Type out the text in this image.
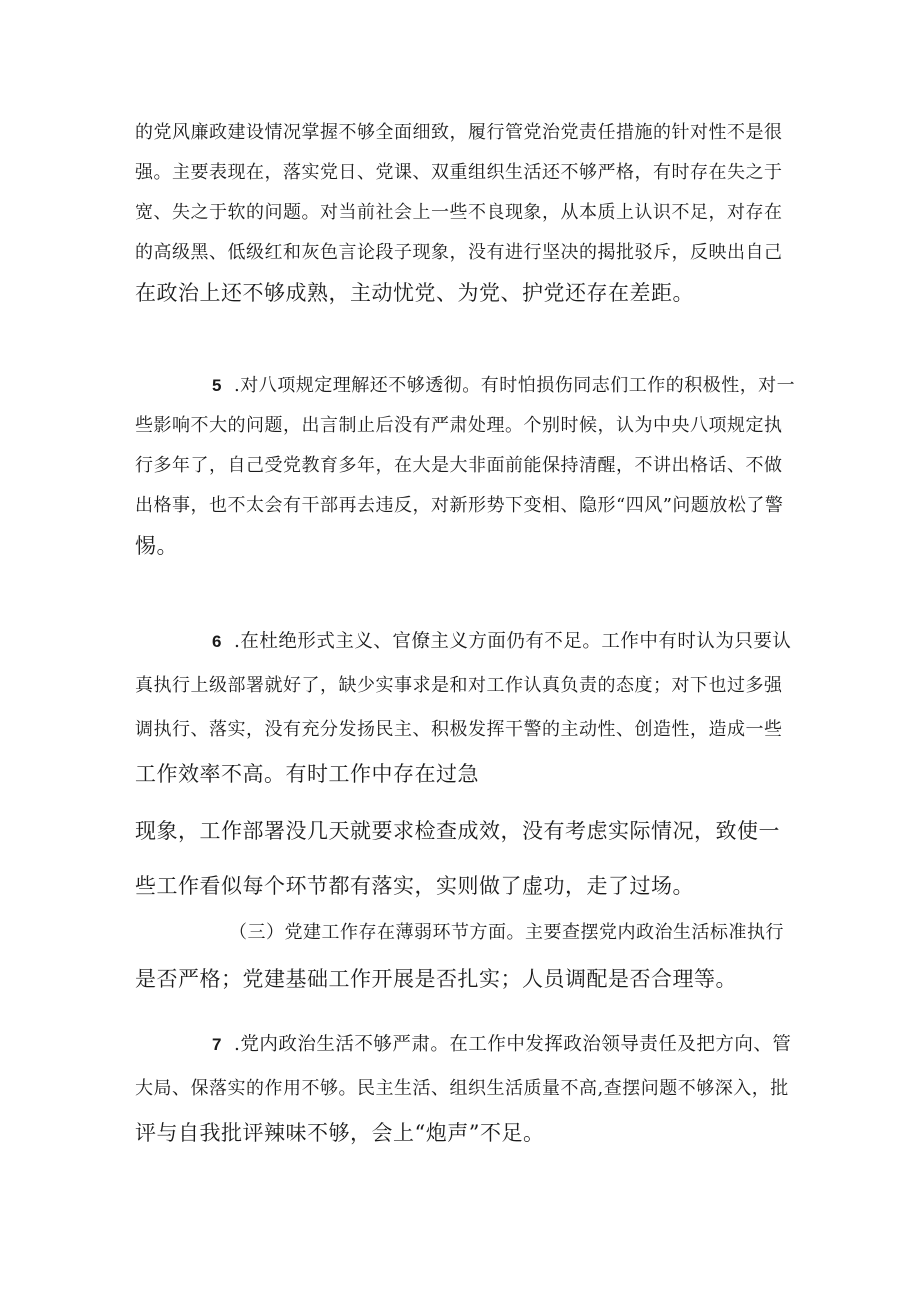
的党风廉政建设情况掌握不够全面细致，履行管党治党责任措施的针对性不是很
强。主要表现在，落实党日、党课、双重组织生活还不够严格，有时存在失之于
宽、失之于软的问题。对当前社会上一些不良现象，从本质上认识不足，对存在
的高级黑、低级红和灰色言论段子现象，没有进行坚决的揭批驳斥，反映出自己
在政治上还不够成熟，主动忧党、为党、护党还存在差距。
5 .对八项规定理解还不够透彻。有时怕损伤同志们工作的积极性，对一
些影响不大的问题，出言制止后没有严肃处理。个别时候，认为中央八项规定执
行多年了，自己受党教育多年，在大是大非面前能保持清醒，不讲出格话、不做
出格事，也不太会有干部再去违反，对新形势下变相、隐形“四风”问题放松了警
惕。
6 .在杜绝形式主义、官僚主义方面仍有不足。工作中有时认为只要认
真执行上级部署就好了，缺少实事求是和对工作认真负责的态度；对下也过多强
调执行、落实，没有充分发扬民主、积极发挥干警的主动性、创造性，造成一些
工作效率不高。有时工作中存在过急
现象，工作部署没几天就要求检查成效，没有考虑实际情况，致使一
些工作看似每个环节都有落实，实则做了虚功，走了过场。
（三）党建工作存在薄弱环节方面。主要查摆党内政治生活标准执行
是否严格；党建基础工作开展是否扎实；人员调配是否合理等。
7 .党内政治生活不够严肃。在工作中发挥政治领导责任及把方向、管
大局、保落实的作用不够。民主生活、组织生活质量不高,查摆问题不够深入，批
评与自我批评辣味不够，会上“炮声”不足。
